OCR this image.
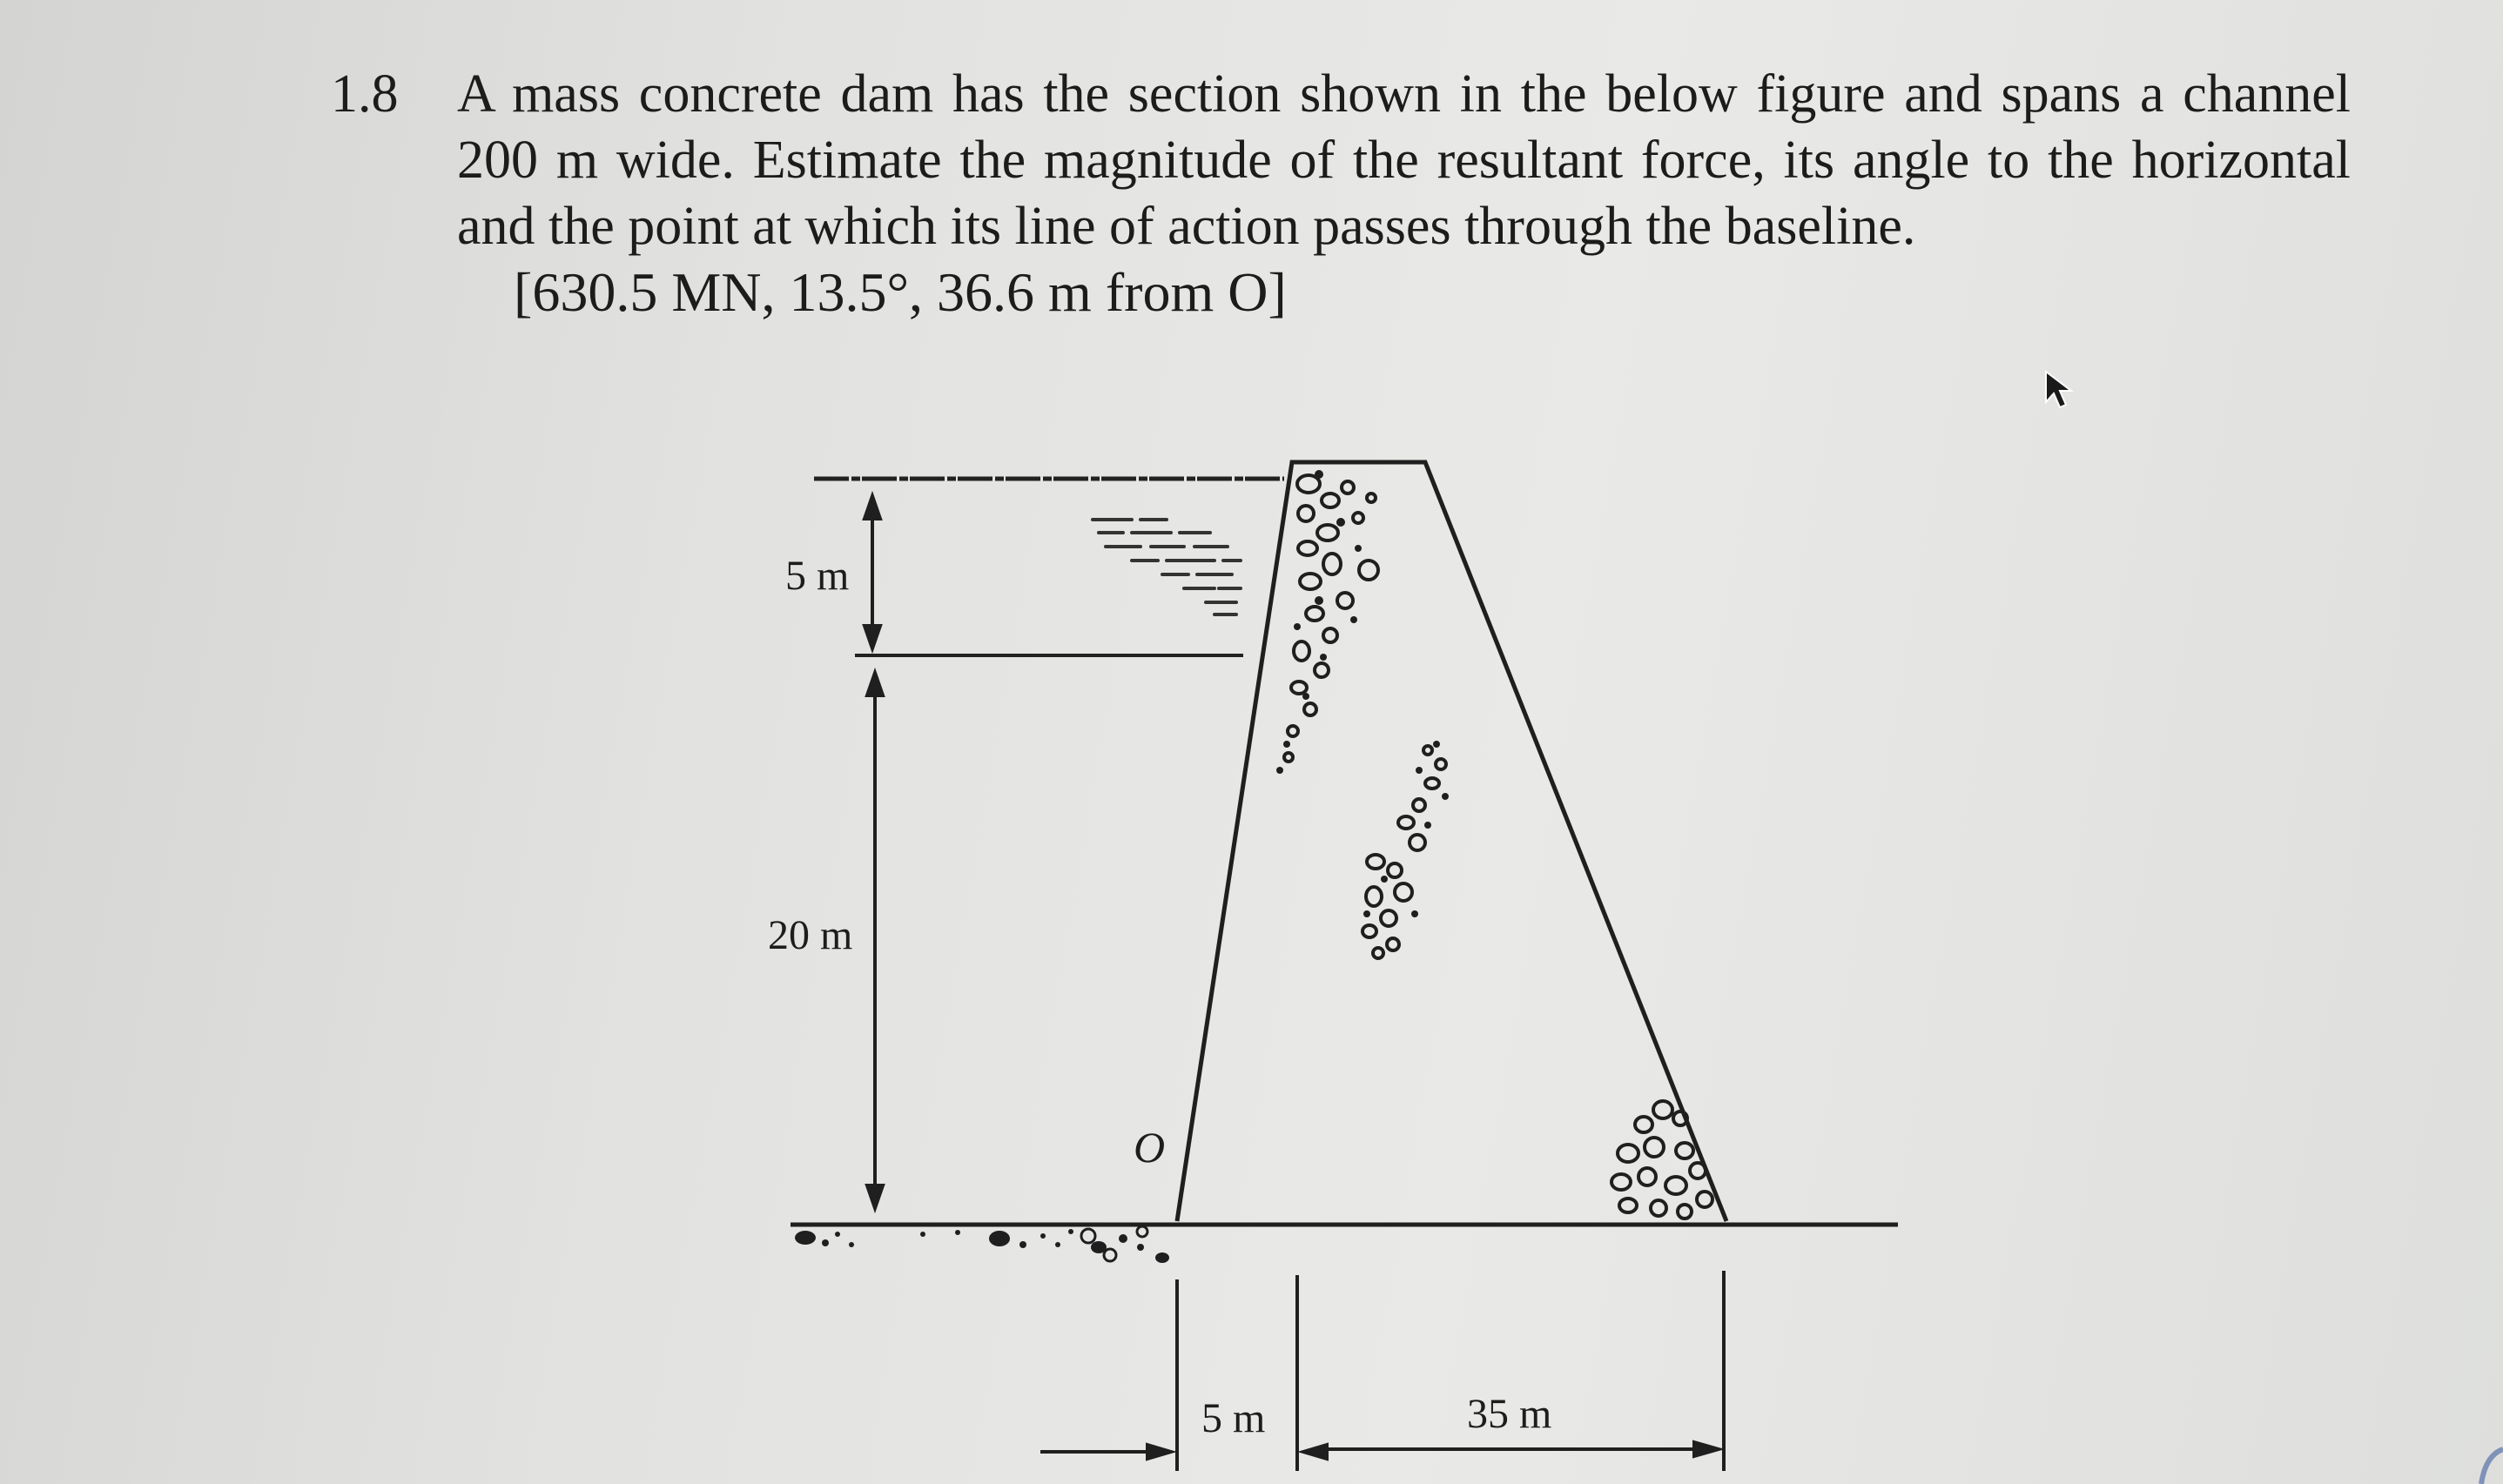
1.8 A mass concrete dam has the section shown in the below figure and spans a channel 200 m wide. Estimate the magnitude of the resultant force, its angle to the horizontal and the point at which its line of action passes through the baseline.
[630.5 MN, 13.5°, 36.6 m from O]
5 m
20 m
O
5 m	35 m
